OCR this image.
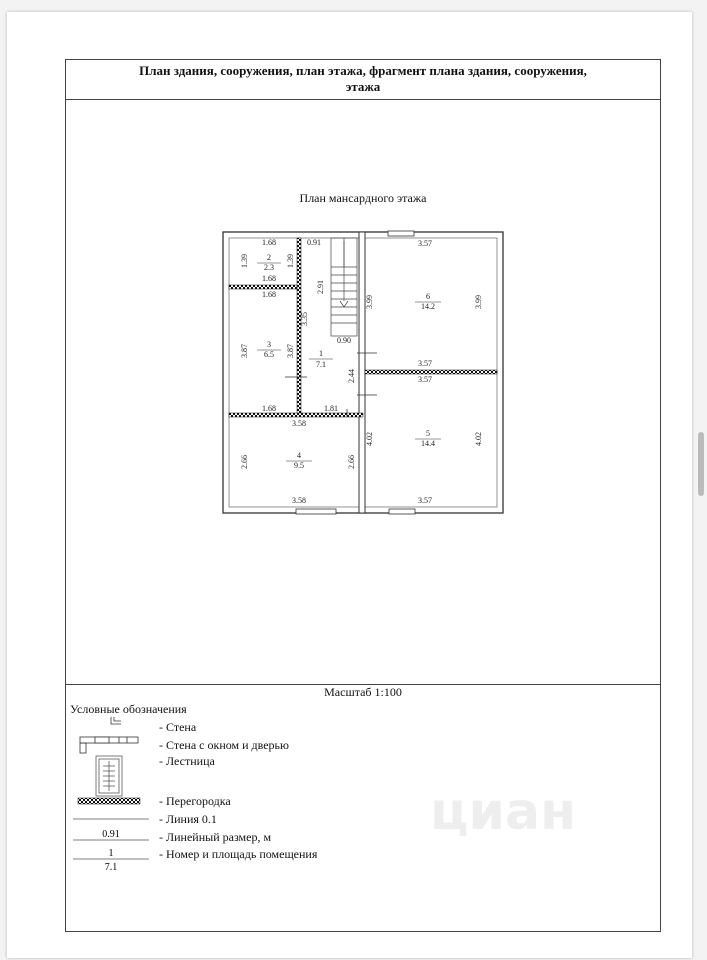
План здания, сооружения, план этажа, фрагмент плана здания, сооружения,
этажа
План мансардного этажа
2
2.3
3
6.5	1
7.1
4
9.5
6
14.2
5
14.4
1.68	0.91
1.68
1.68
0.90
1.68	1.81
3.58
3.58
3.57
3.57
3.57
3.57
1.39	1.39
2.91
3.35
3.87	3.87
2.44
2.66	2.66
3.99	3.99
4.02	4.02
0.91
1
7.1
Масштаб 1:100
Условные обозначения
- Стена
- Стена с окном и дверью
- Лестница
- Перегородка
- Линия 0.1
- Линейный размер, м
- Номер и площадь помещения
циан
